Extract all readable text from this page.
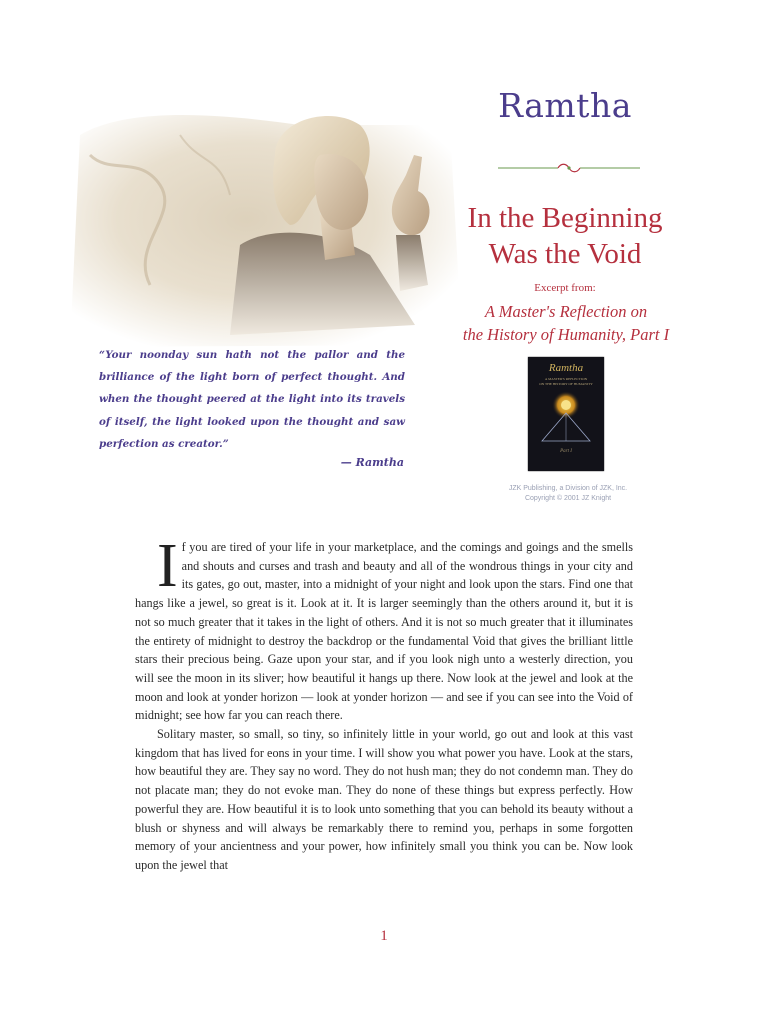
Ramtha
In the Beginning
Was the Void
Excerpt from:
A Master's Reflection on
the History of Humanity, Part I
Ramtha
A MASTER'S REFLECTION
ON THE HISTORY OF HUMANITY
Part I
JZK Publishing, a Division of JZK, Inc.
Copyright © 2001 JZ Knight
“Your noonday sun hath not the pallor and the
brilliance of the light born of perfect thought. And
when the thought peered at the light into its travels
of itself, the light looked upon the thought and saw
perfection as creator.”
— Ramtha
I f you are tired of your life in your marketplace, and the comings and goings and the smells and shouts and curses and trash and beauty and all of the wondrous things in your city and its gates, go out, master, into a midnight of your night and look upon the stars. Find one that hangs like a jewel, so great is it. Look at it. It is larger seemingly than the others around it, but it is not so much greater that it takes in the light of others. And it is not so much greater that it illuminates the entirety of midnight to destroy the backdrop or the fundamental Void that gives the brilliant little stars their precious being. Gaze upon your star, and if you look nigh unto a westerly direction, you will see the moon in its sliver; how beautiful it hangs up there. Now look at the jewel and look at the moon and look at yonder horizon — look at yonder horizon — and see if you can see into the Void of midnight; see how far you can reach there.

Solitary master, so small, so tiny, so infinitely little in your world, go out and look at this vast kingdom that has lived for eons in your time. I will show you what power you have. Look at the stars, how beautiful they are. They say no word. They do not hush man; they do not condemn man. They do not placate man; they do not evoke man. They do none of these things but express perfectly. How powerful they are. How beautiful it is to look unto something that you can behold its beauty without a blush or shyness and will always be remarkably there to remind you, perhaps in some forgotten memory of your ancientness and your power, how infinitely small you think you can be. Now look upon the jewel that

1
